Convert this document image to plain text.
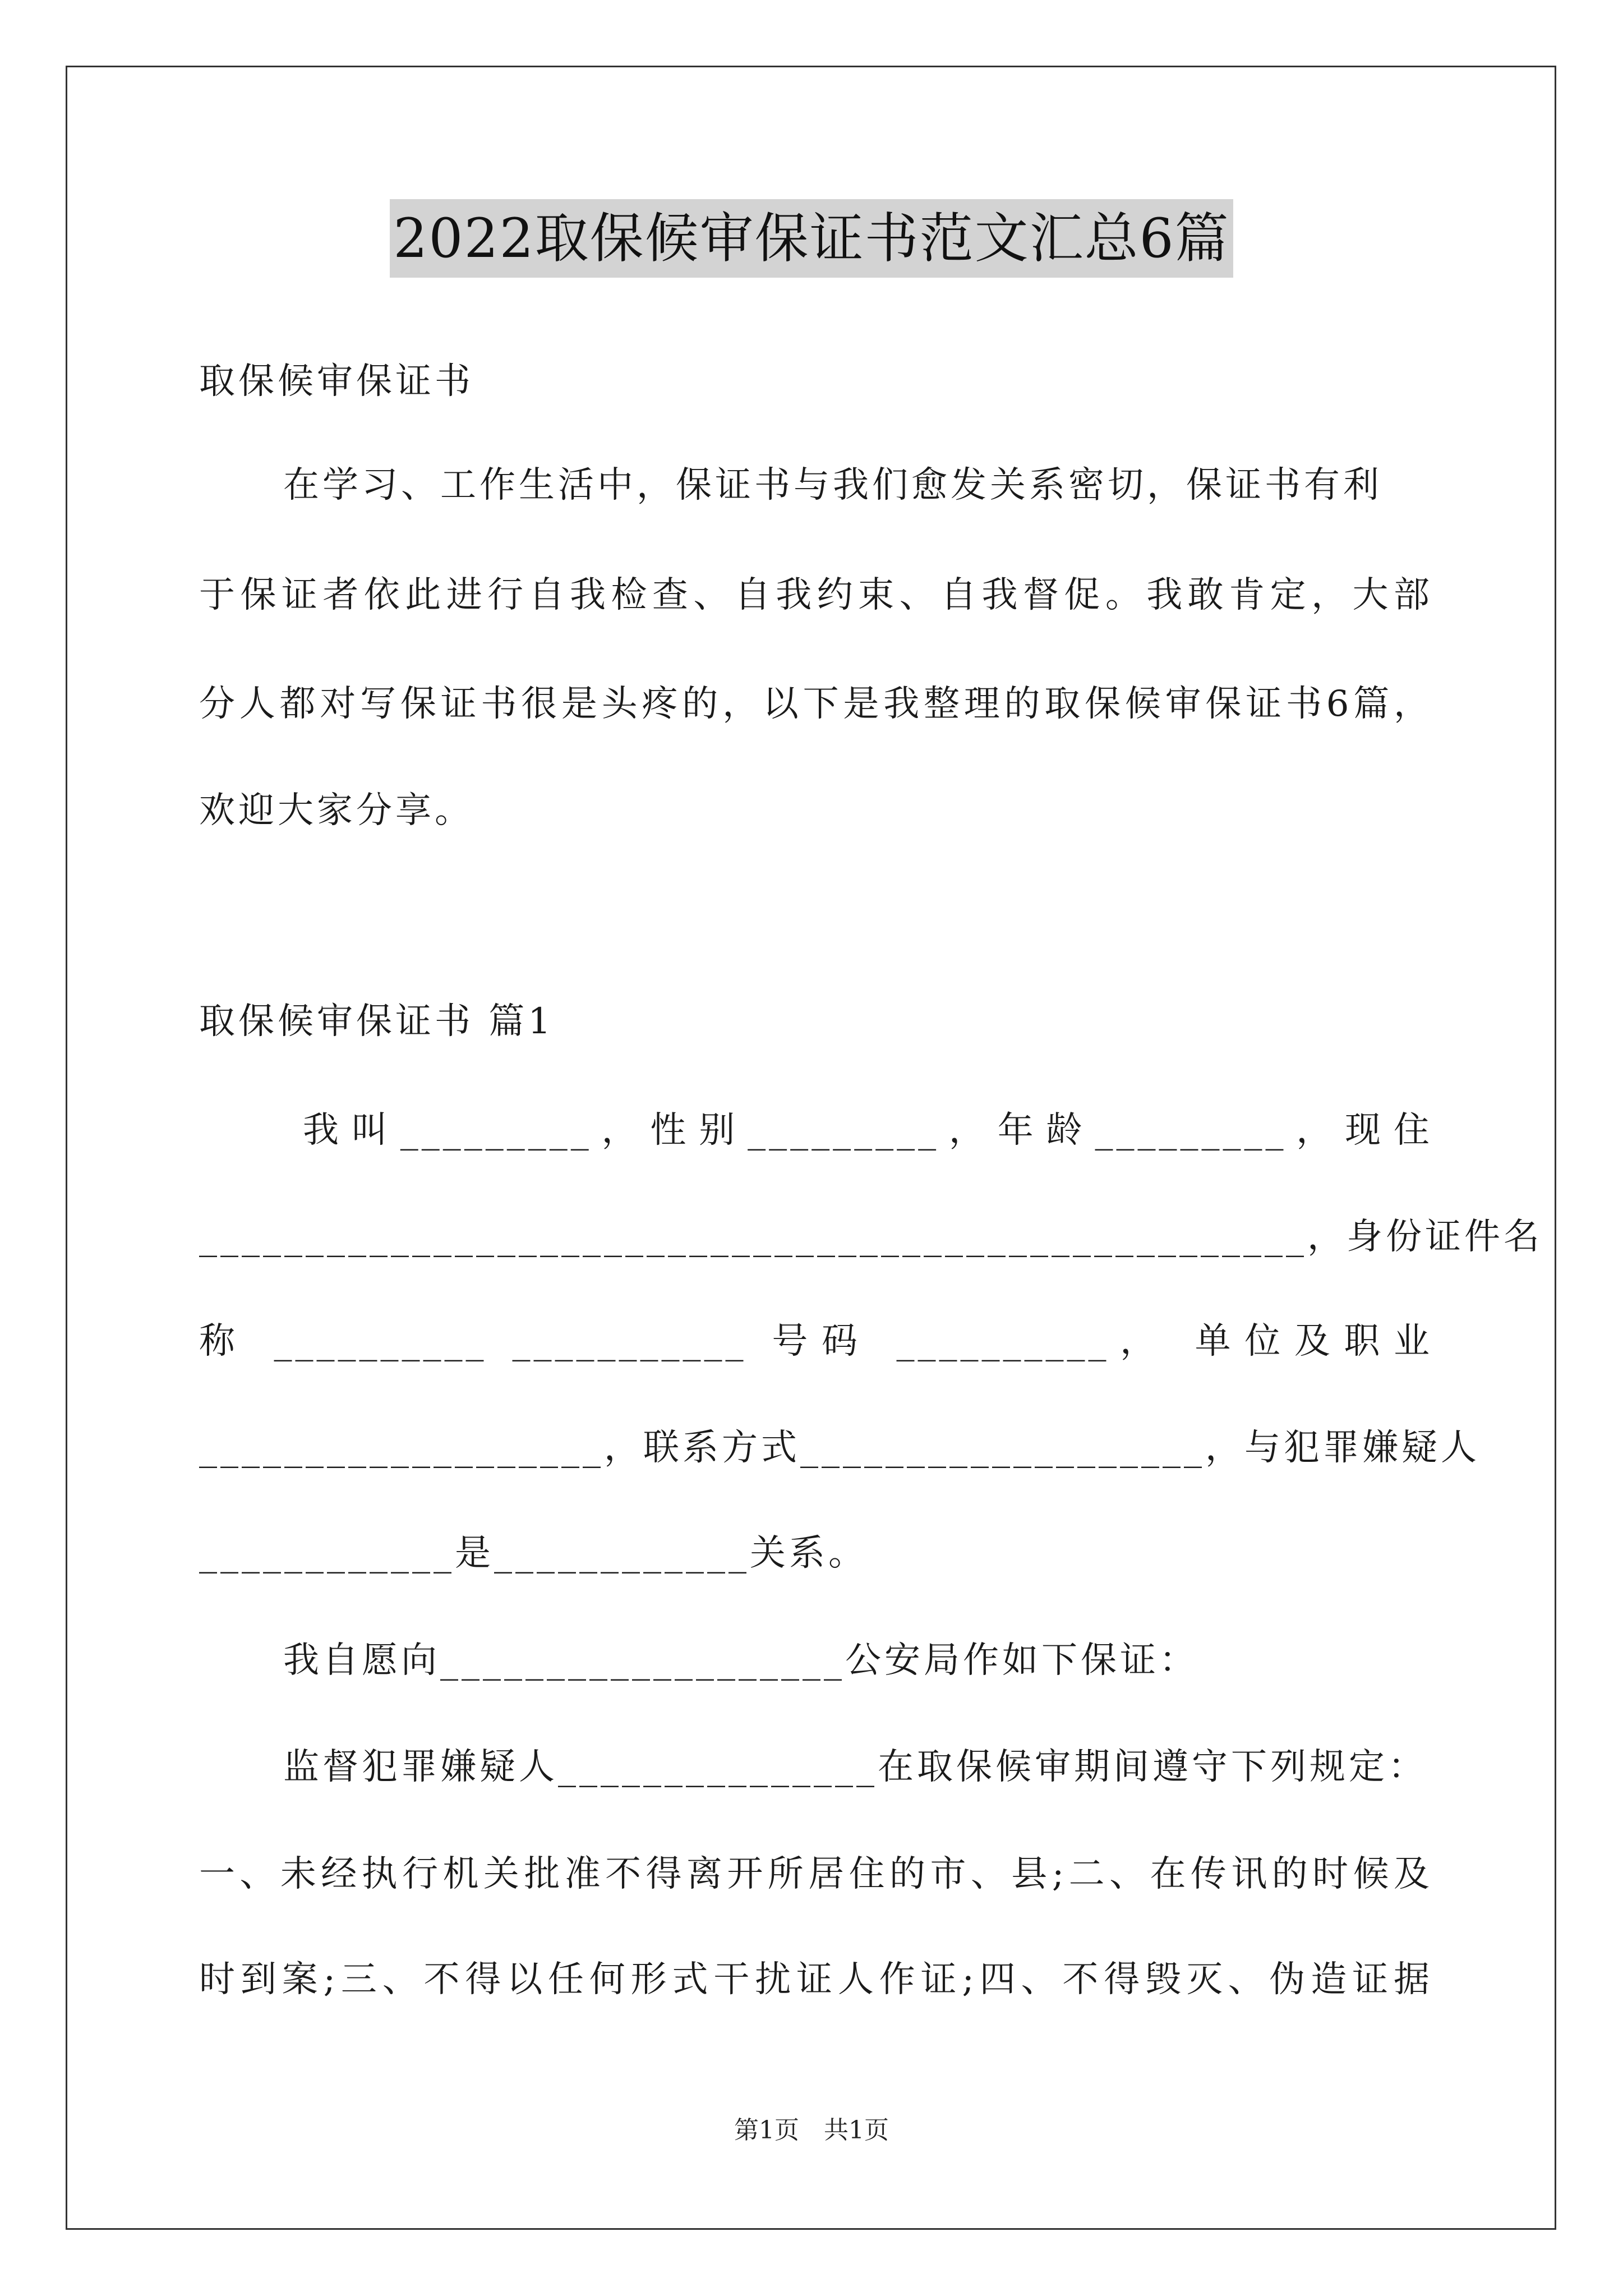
2022取保候审保证书范文汇总6篇
取保候审保证书
在学习、工作生活中，保证书与我们愈发关系密切，保证书有利
于保证者依此进行自我检查、自我约束、自我督促。我敢肯定，大部
分人都对写保证书很是头疼的，以下是我整理的取保候审保证书6篇，
欢迎大家分享。
取保候审保证书 篇1
我叫_________，性别_________，年龄_________，现住
____________________________________________________，身份证件名
称 __________ ___________ 号码 __________， 单位及职业
___________________，联系方式___________________，与犯罪嫌疑人
____________是____________关系。
我自愿向___________________公安局作如下保证：
监督犯罪嫌疑人_______________在取保候审期间遵守下列规定：
一、未经执行机关批准不得离开所居住的市、县;二、在传讯的时候及
时到案;三、不得以任何形式干扰证人作证;四、不得毁灭、伪造证据
第1页　共1页
